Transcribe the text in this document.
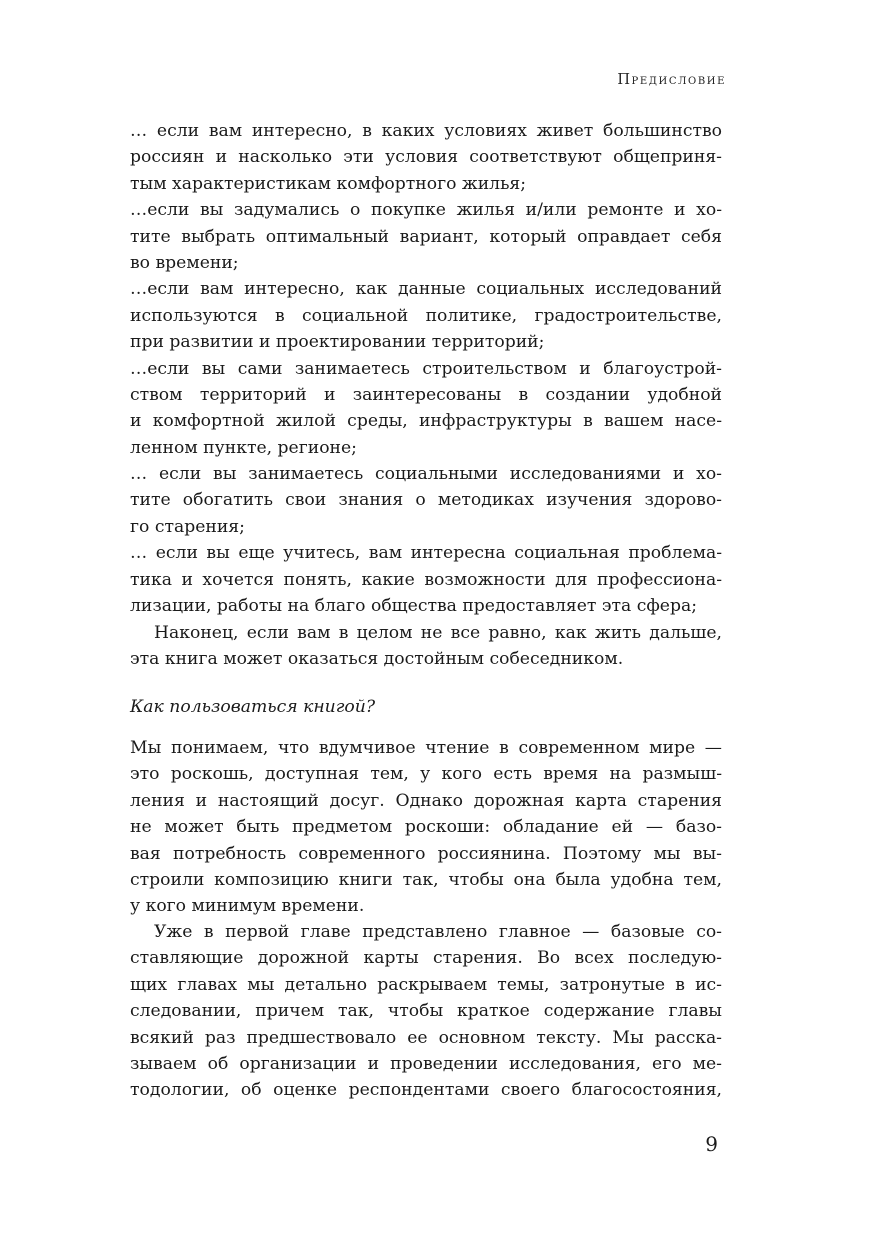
Предисловие
… если вам интересно, в каких условиях живет большинство
россиян и насколько эти условия соответствуют общеприня-
тым характеристикам комфортного жилья;
…если вы задумались о покупке жилья и/или ремонте и хо-
тите выбрать оптимальный вариант, который оправдает себя
во времени;
…если вам интересно, как данные социальных исследований
используются в социальной политике, градостроительстве,
при развитии и проектировании территорий;
…если вы сами занимаетесь строительством и благоустрой-
ством территорий и заинтересованы в создании удобной
и комфортной жилой среды, инфраструктуры в вашем насе-
ленном пункте, регионе;
… если вы занимаетесь социальными исследованиями и хо-
тите обогатить свои знания о методиках изучения здорово-
го старения;
… если вы еще учитесь, вам интересна социальная проблема-
тика и хочется понять, какие возможности для профессиона-
лизации, работы на благо общества предоставляет эта сфера;
Наконец, если вам в целом не все равно, как жить дальше,
эта книга может оказаться достойным собеседником.
Как пользоваться книгой?
Мы понимаем, что вдумчивое чтение в современном мире —
это роскошь, доступная тем, у кого есть время на размыш-
ления и настоящий досуг. Однако дорожная карта старения
не может быть предметом роскоши: обладание ей — базо-
вая потребность современного россиянина. Поэтому мы вы-
строили композицию книги так, чтобы она была удобна тем,
у кого минимум времени.
Уже в первой главе представлено главное — базовые со-
ставляющие дорожной карты старения. Во всех последую-
щих главах мы детально раскрываем темы, затронутые в ис-
следовании, причем так, чтобы краткое содержание главы
всякий раз предшествовало ее основном тексту. Мы расска-
зываем об организации и проведении исследования, его ме-
тодологии, об оценке респондентами своего благосостояния,
9
